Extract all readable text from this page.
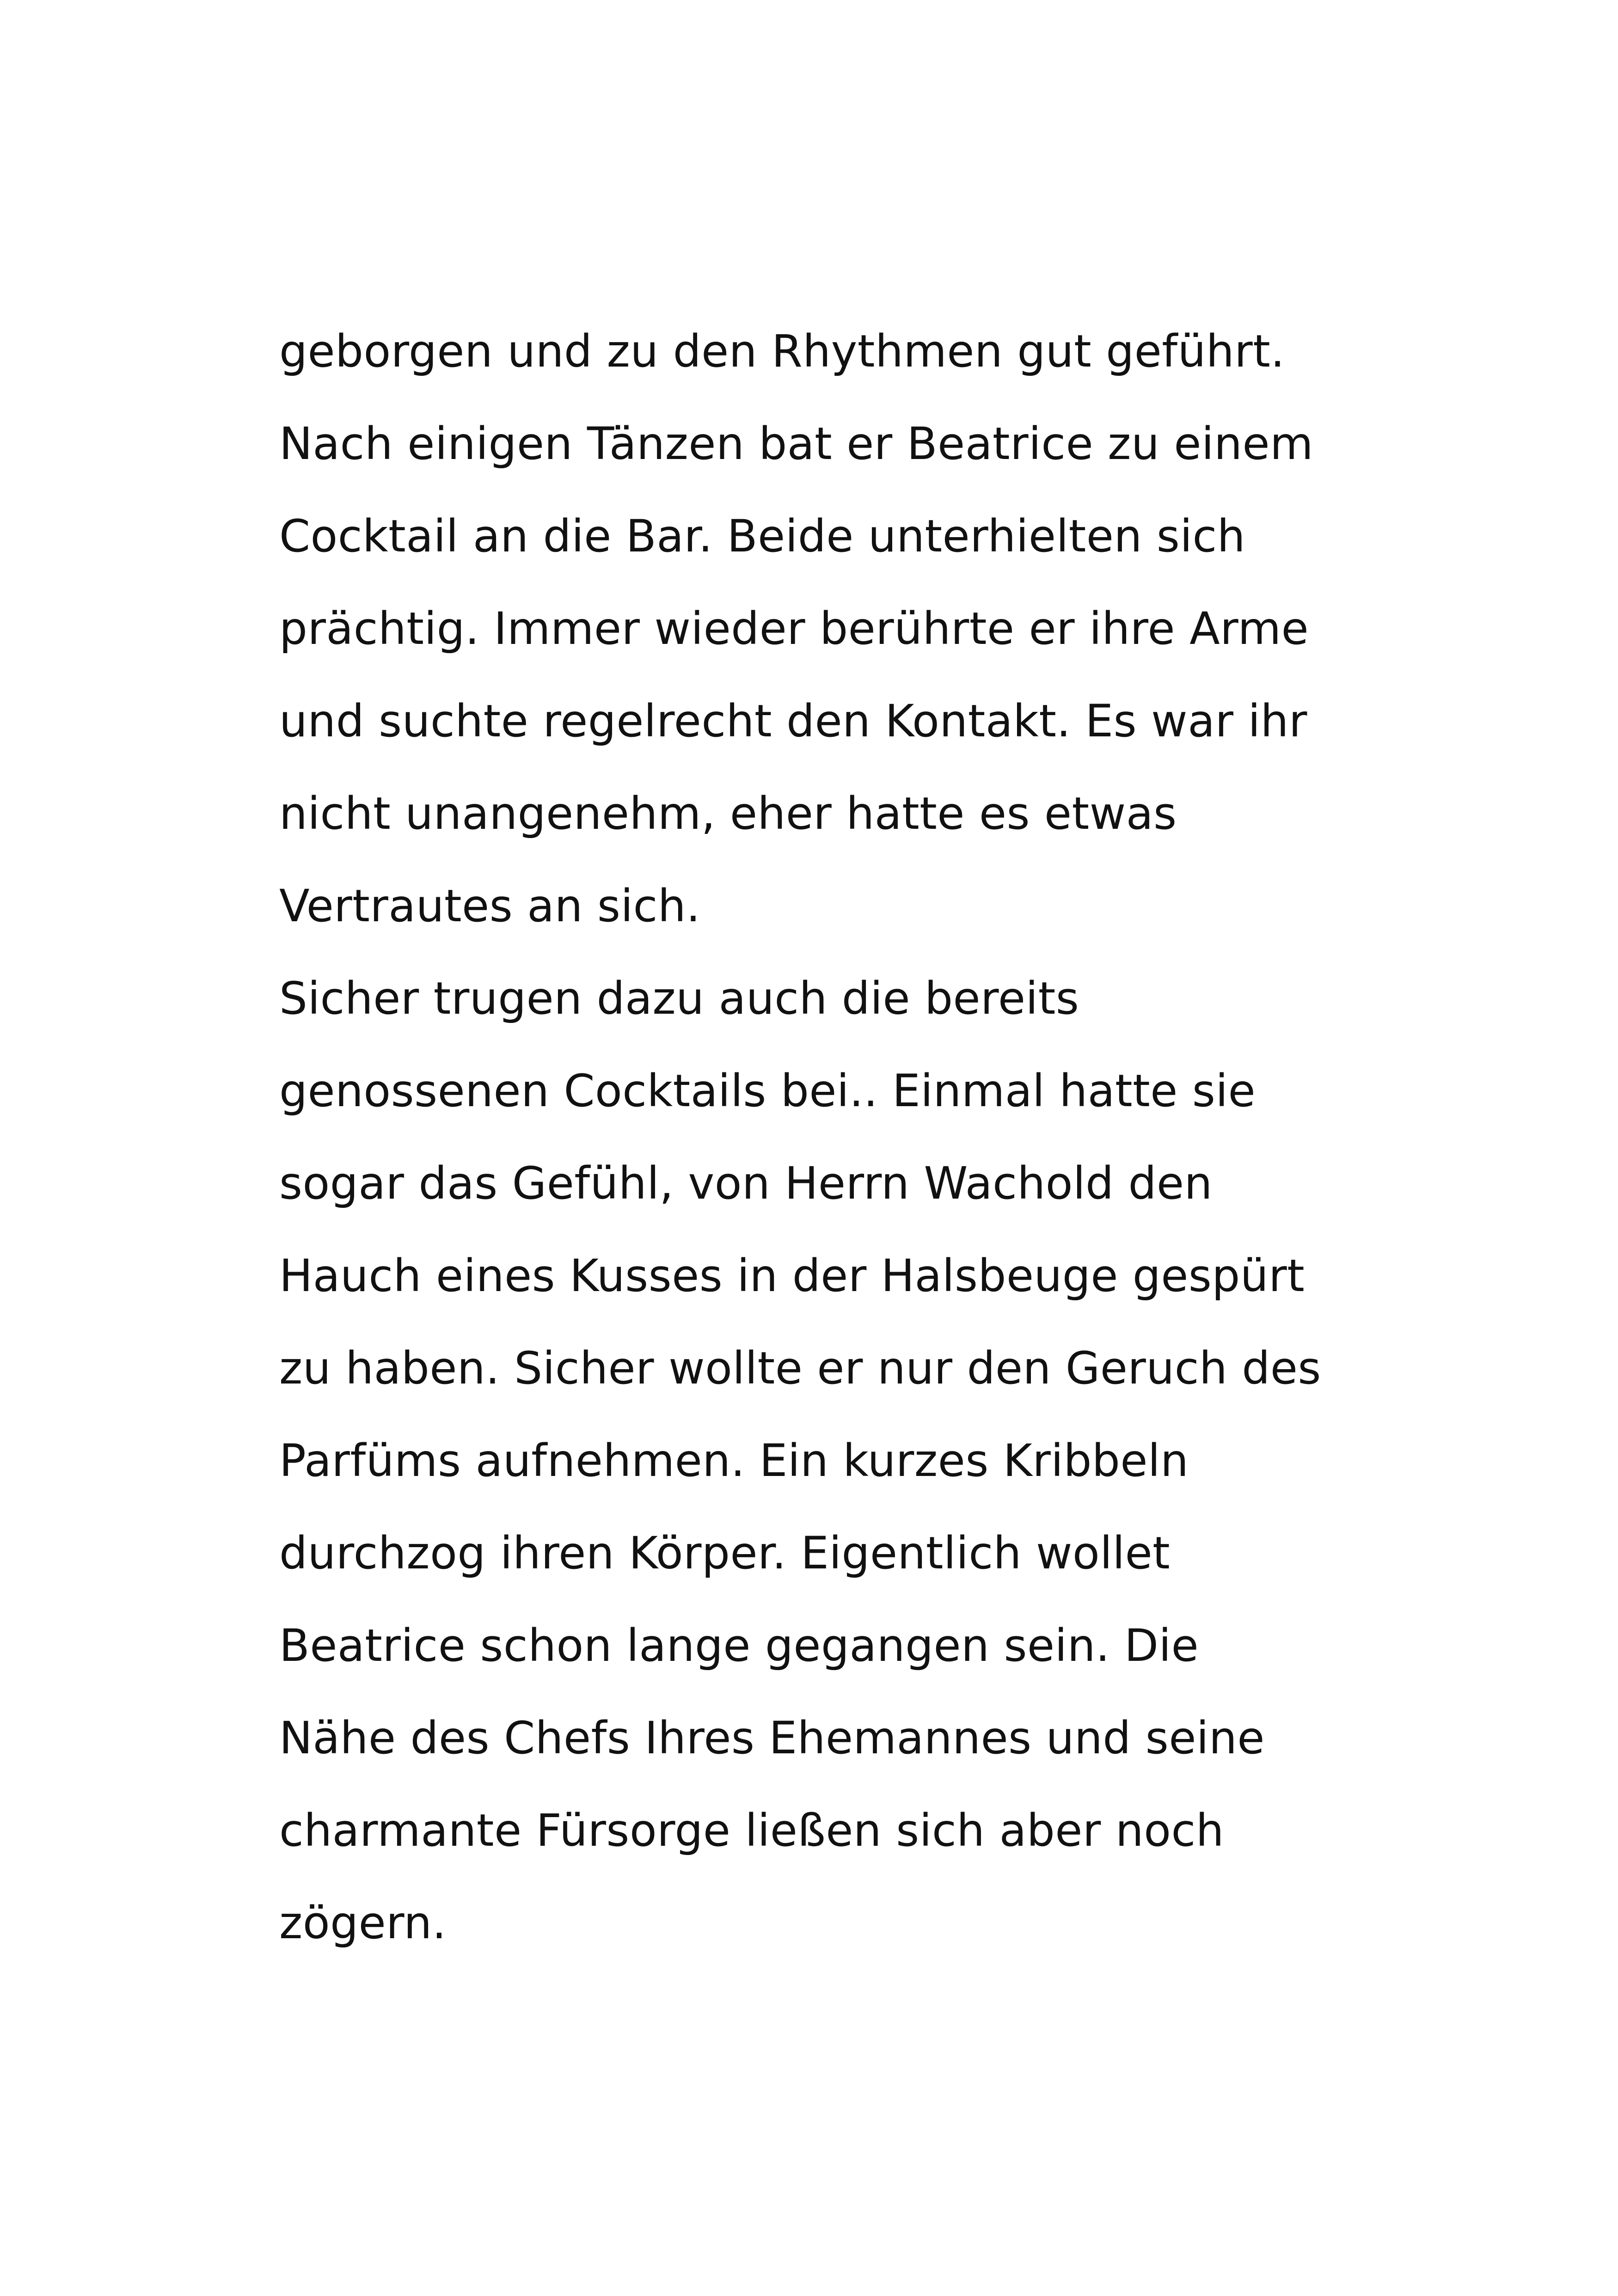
geborgen und zu den Rhythmen gut geführt.
Nach einigen Tänzen bat er Beatrice zu einem
Cocktail an die Bar. Beide unterhielten sich
prächtig. Immer wieder berührte er ihre Arme
und suchte regelrecht den Kontakt. Es war ihr
nicht unangenehm, eher hatte es etwas
Vertrautes an sich.
Sicher trugen dazu auch die bereits
genossenen Cocktails bei.. Einmal hatte sie
sogar das Gefühl, von Herrn Wachold den
Hauch eines Kusses in der Halsbeuge gespürt
zu haben. Sicher wollte er nur den Geruch des
Parfüms aufnehmen. Ein kurzes Kribbeln
durchzog ihren Körper. Eigentlich wollet
Beatrice schon lange gegangen sein. Die
Nähe des Chefs Ihres Ehemannes und seine
charmante Fürsorge ließen sich aber noch
zögern.
